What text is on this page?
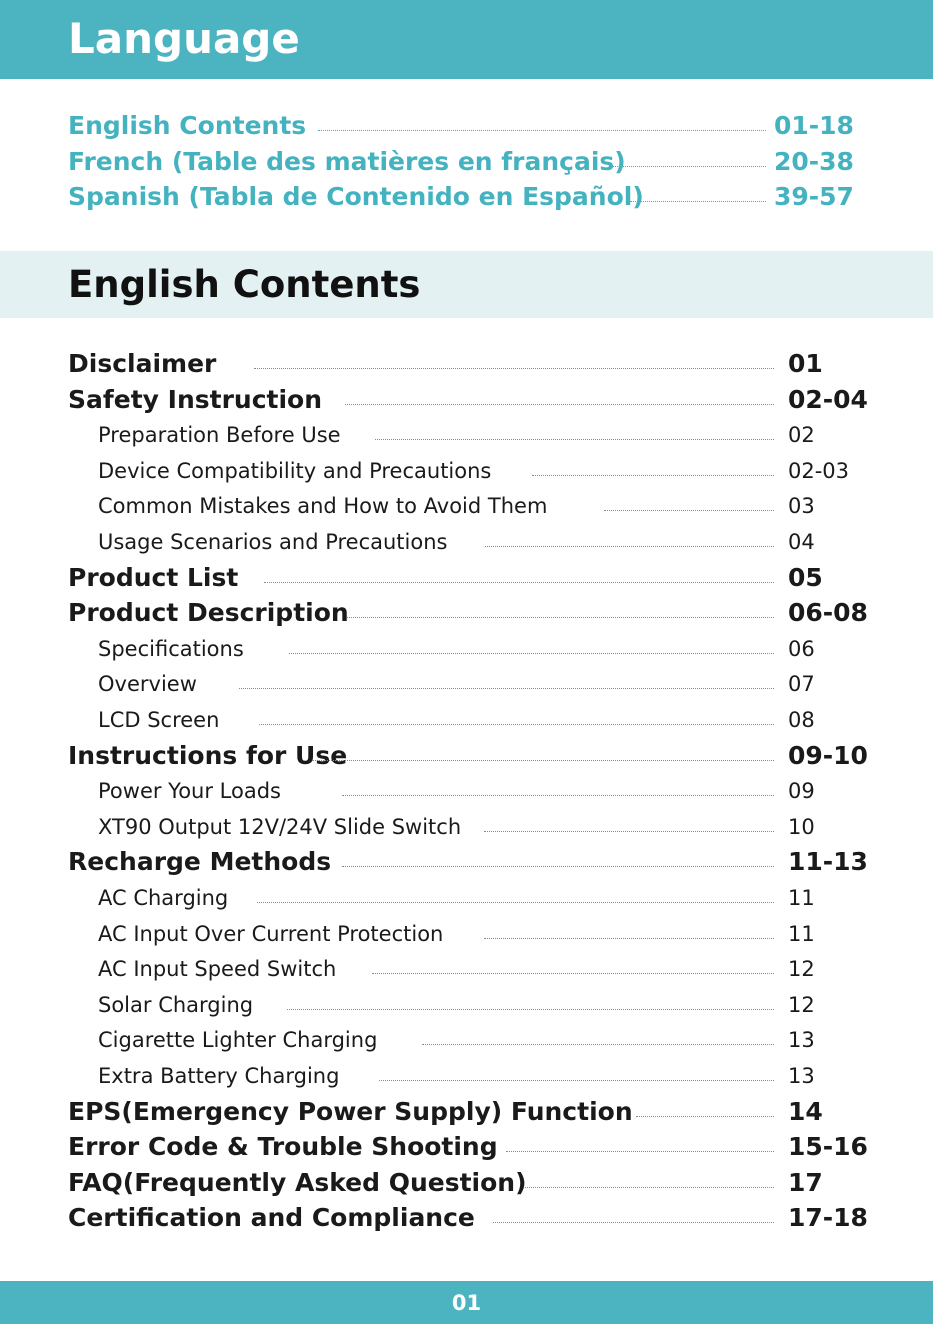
Language
English Contents	01-18
French (Table des matières en français)	20-38
Spanish (Tabla de Contenido en Español)	39-57
English Contents
Disclaimer	01
Safety Instruction	02-04
Preparation Before Use	02
Device Compatibility and Precautions	02-03
Common Mistakes and How to Avoid Them	03
Usage Scenarios and Precautions	04
Product List	05
Product Description	06-08
Specifications	06
Overview	07
LCD Screen	08
Instructions for Use	09-10
Power Your Loads	09
XT90 Output 12V/24V Slide Switch	10
Recharge Methods	11-13
AC Charging	11
AC Input Over Current Protection	11
AC Input Speed Switch	12
Solar Charging	12
Cigarette Lighter Charging	13
Extra Battery Charging	13
EPS(Emergency Power Supply) Function	14
Error Code & Trouble Shooting	15-16
FAQ(Frequently Asked Question)	17
Certification and Compliance	17-18
01
